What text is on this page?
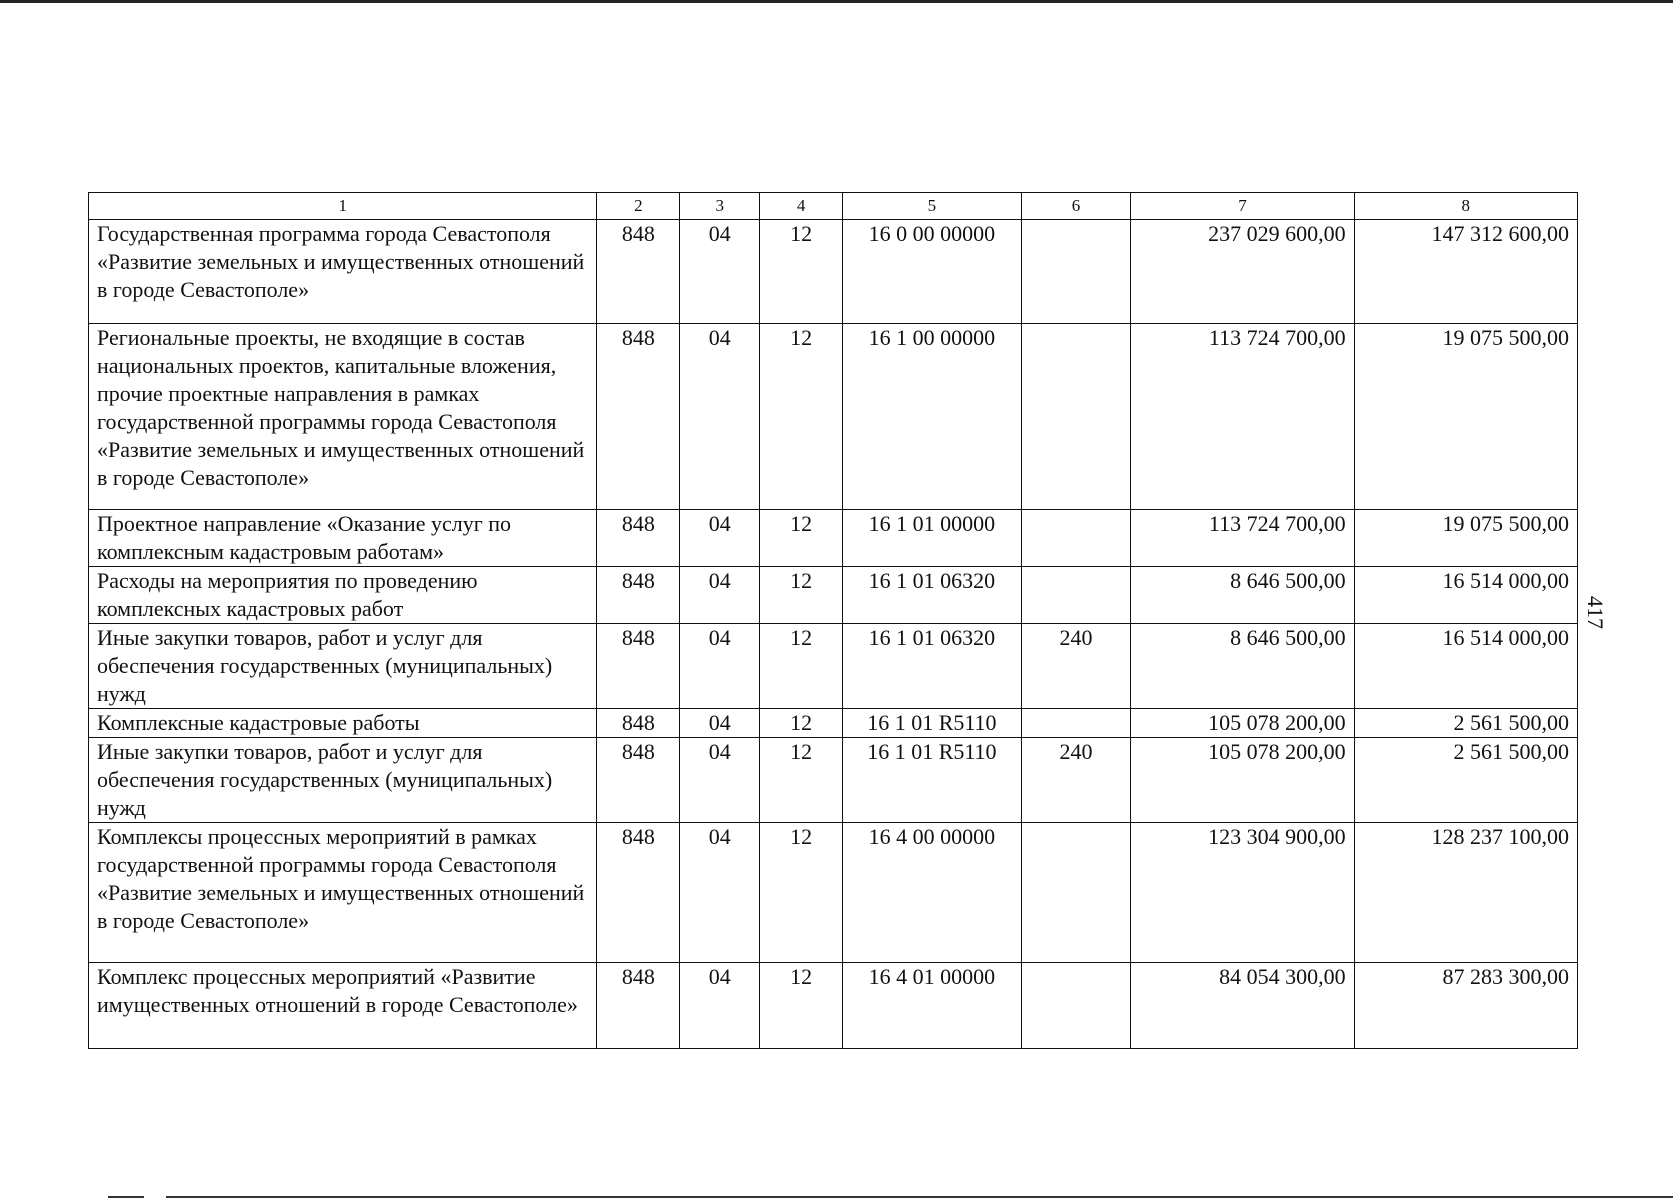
1	2	3	4	5	6	7	8
Государственная программа города Севастополя «Развитие земельных и имущественных отношений в городе Севастополе»	848	04	12	16 0 00 00000		237 029 600,00	147 312 600,00
Региональные проекты, не входящие в состав национальных проектов, капитальные вложения, прочие проектные направления в рамках государственной программы города Севастополя «Развитие земельных и имущественных отношений в городе Севастополе»	848	04	12	16 1 00 00000		113 724 700,00	19 075 500,00
Проектное направление «Оказание услуг по комплексным кадастровым работам»	848	04	12	16 1 01 00000		113 724 700,00	19 075 500,00
Расходы на мероприятия по проведению комплексных кадастровых работ	848	04	12	16 1 01 06320		8 646 500,00	16 514 000,00
Иные закупки товаров, работ и услуг для обеспечения государственных (муниципальных) нужд	848	04	12	16 1 01 06320	240	8 646 500,00	16 514 000,00
Комплексные кадастровые работы	848	04	12	16 1 01 R5110		105 078 200,00	2 561 500,00
Иные закупки товаров, работ и услуг для обеспечения государственных (муниципальных) нужд	848	04	12	16 1 01 R5110	240	105 078 200,00	2 561 500,00
Комплексы процессных мероприятий в рамках государственной программы города Севастополя «Развитие земельных и имущественных отношений в городе Севастополе»	848	04	12	16 4 00 00000		123 304 900,00	128 237 100,00
Комплекс процессных мероприятий «Развитие имущественных отношений в городе Севастополе»	848	04	12	16 4 01 00000		84 054 300,00	87 283 300,00
417
